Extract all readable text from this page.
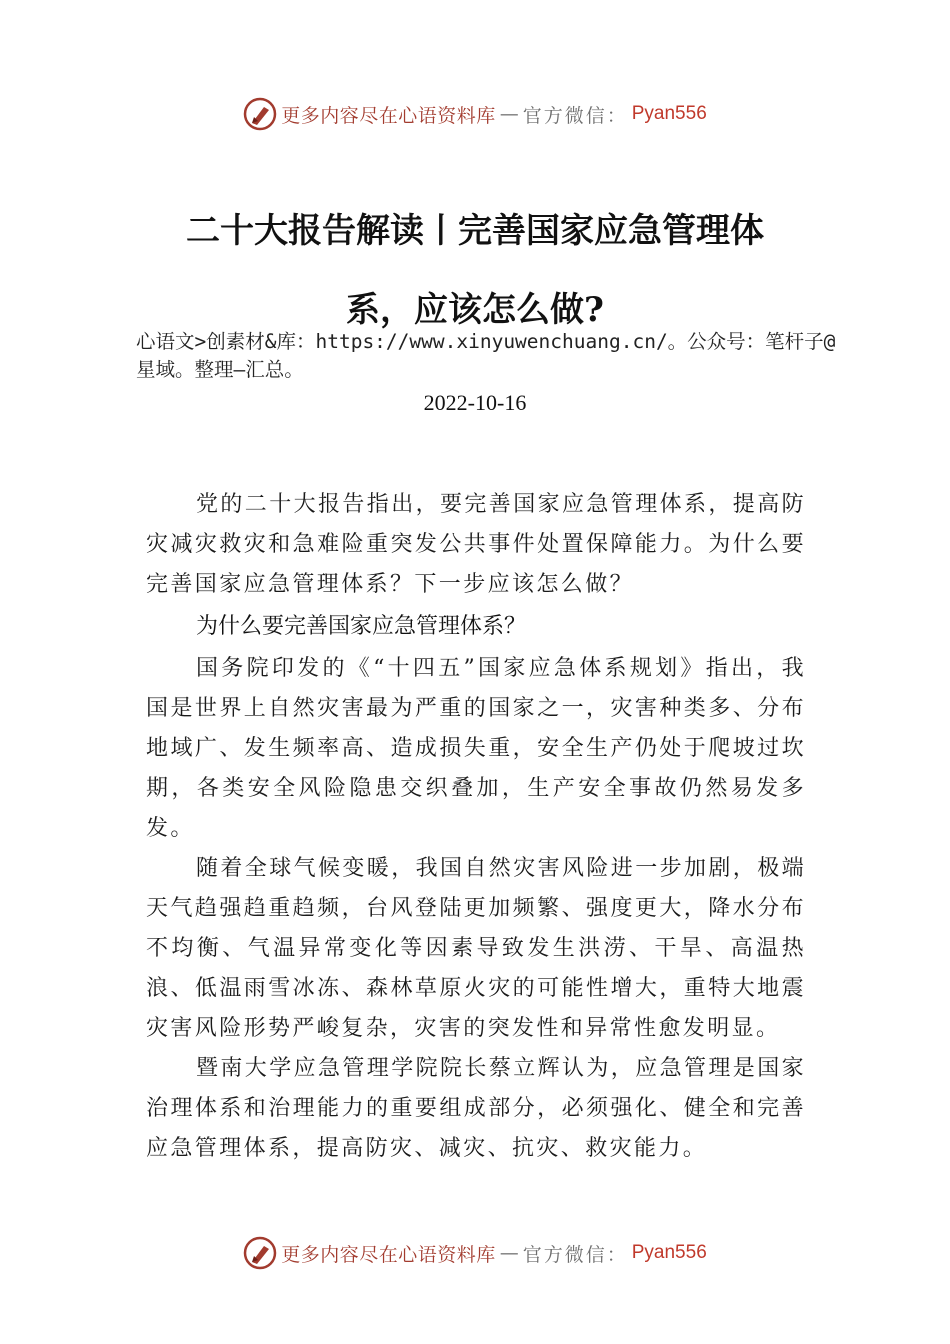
更多内容尽在心语资料库 — 官方微信： Pyan556
二十大报告解读丨完善国家应急管理体
系，应该怎么做?
心语文>创素材&库：https://www.xinyuwenchuang.cn/。公众号：笔杆子@星域。整理—汇总。
2022-10-16

党的二十大报告指出，要完善国家应急管理体系，提高防灾减灾救灾和急难险重突发公共事件处置保障能力。为什么要完善国家应急管理体系？下一步应该怎么做？

为什么要完善国家应急管理体系？

国务院印发的《“十四五”国家应急体系规划》指出，我国是世界上自然灾害最为严重的国家之一，灾害种类多、分布地域广、发生频率高、造成损失重，安全生产仍处于爬坡过坎期，各类安全风险隐患交织叠加，生产安全事故仍然易发多发。

随着全球气候变暖，我国自然灾害风险进一步加剧，极端天气趋强趋重趋频，台风登陆更加频繁、强度更大，降水分布不均衡、气温异常变化等因素导致发生洪涝、干旱、高温热浪、低温雨雪冰冻、森林草原火灾的可能性增大，重特大地震灾害风险形势严峻复杂，灾害的突发性和异常性愈发明显。

暨南大学应急管理学院院长蔡立辉认为，应急管理是国家治理体系和治理能力的重要组成部分，必须强化、健全和完善应急管理体系，提高防灾、减灾、抗灾、救灾能力。

更多内容尽在心语资料库 — 官方微信： Pyan556
